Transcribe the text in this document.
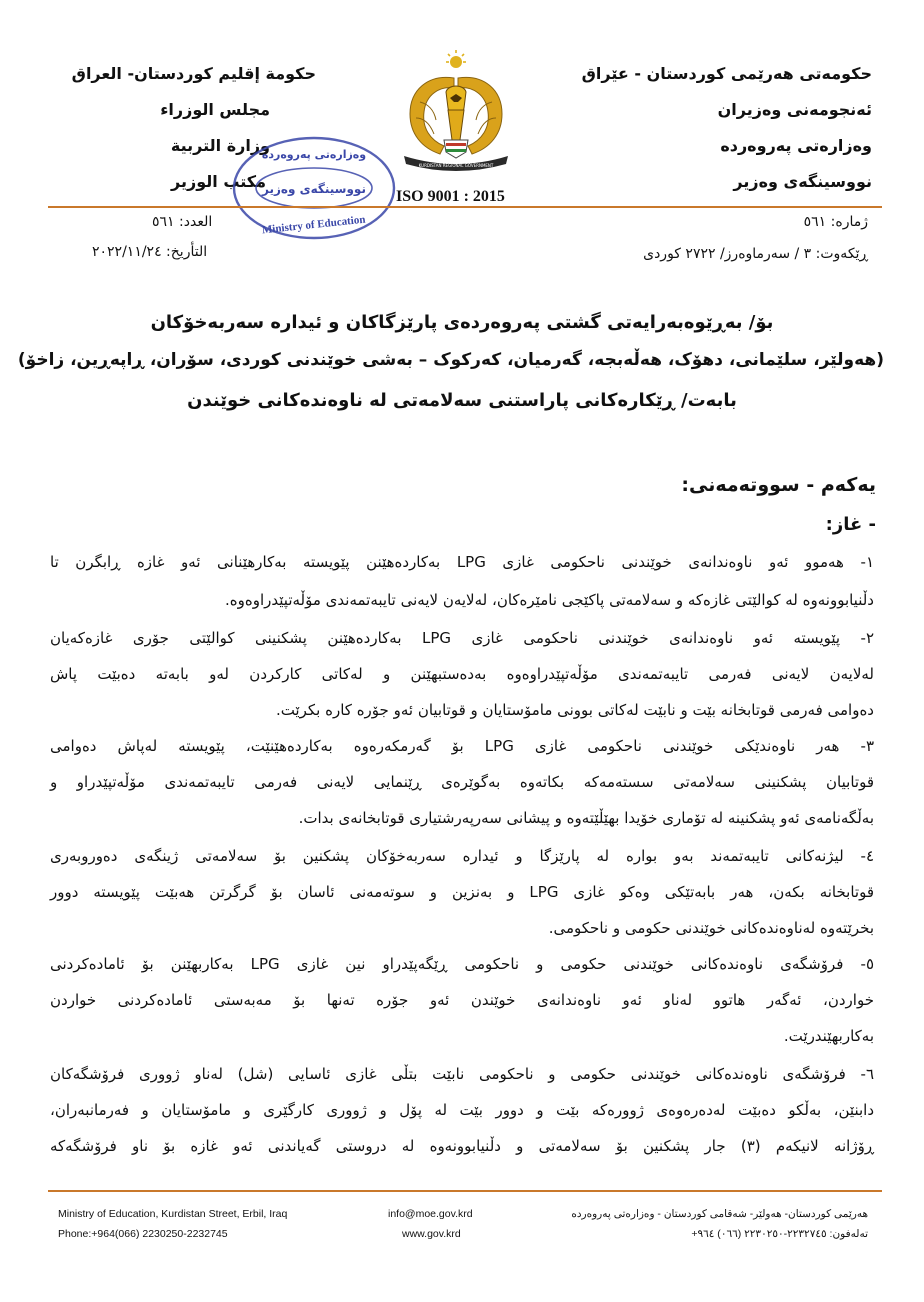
حکومەتی هەرێمی کوردستان - عێراق
ئەنجومەنی وەزیران
وەزارەتی پەروەردە
نووسینگەی وەزیر
حكومة إقليم كوردستان- العراق
مجلس الوزراء
وزارة التربية
مكتب الوزير
KURDISTAN REGIONAL GOVERNMENT
ISO 9001 : 2015
وەزارەتی پەروەردە
نووسینگەی وەزیر
Ministry of Education	ژمارە: ٥٦١
ڕێکەوت: ٣ / سەرماوەرز/ ٢٧٢٢ کوردی
العدد: ٥٦١
التأريخ: ٢٠٢٢/١١/٢٤
بۆ/ بەڕێوەبەرایەتی گشتی پەروەردەی پارێزگاکان و ئیدارە سەربەخۆکان
(هەولێر، سلێمانی، دهۆک، هەڵەبجە، گەرمیان، کەرکوک – بەشی خوێندنی کوردی، سۆران، ڕاپەڕین، زاخۆ)
بابەت/ ڕێکارەکانی پاراستنی سەلامەتی لە ناوەندەکانی خوێندن
یەکەم - سووتەمەنی:
- غاز:
١- هەموو ئەو ناوەندانەی خوێندنی ناحکومی غازی LPG بەکاردەهێنن پێویستە بەکارهێنانی ئەو غازە ڕابگرن تا
دڵنیابوونەوە لە کوالێتی غازەکە و سەلامەتی پاکێجی نامێرەکان، لەلایەن لایەنی تایبەتمەندی مۆڵەتپێدراوەوە.
٢- پێویستە ئەو ناوەندانەی خوێندنی ناحکومی غازی LPG بەکاردەهێنن پشکنینی کوالێتی جۆری غازەکەیان
لەلایەن لایەنی فەرمی تایبەتمەندی مۆڵەتپێدراوەوە بەدەستبهێنن و لەکاتی کارکردن لەو بابەتە دەبێت پاش
دەوامی فەرمی قوتابخانە بێت و نابێت لەکاتی بوونی مامۆستایان و قوتابیان ئەو جۆرە کارە بکرێت.
٣- هەر ناوەندێکی خوێندنی ناحکومی غازی LPG بۆ گەرمکەرەوە بەکاردەهێنێت، پێویستە لەپاش دەوامی
قوتابیان پشکنینی سەلامەتی سستەمەکە بکاتەوە بەگوێرەی ڕێنمایی لایەنی فەرمی تایبەتمەندی مۆڵەتپێدراو و
بەڵگەنامەی ئەو پشکنینە لە تۆماری خۆیدا بهێڵێتەوە و پیشانی سەرپەرشتیاری قوتابخانەی بدات.
٤- لیژنەکانی تایبەتمەند بەو بوارە لە پارێزگا و ئیدارە سەربەخۆکان پشکنین بۆ سەلامەتی ژینگەی دەوروبەری
قوتابخانە بکەن، هەر بابەتێکی وەکو غازی LPG و بەنزین و سوتەمەنی ئاسان بۆ گرگرتن هەبێت پێویستە دوور
بخرێتەوە لەناوەندەکانی خوێندنی حکومی و ناحکومی.
٥- فرۆشگەی ناوەندەکانی خوێندنی حکومی و ناحکومی ڕێگەپێدراو نین غازی LPG بەکاربهێنن بۆ ئامادەکردنی
خواردن، ئەگەر هاتوو لەناو ئەو ناوەندانەی خوێندن ئەو جۆرە تەنها بۆ مەبەستی ئامادەکردنی خواردن
بەکاربهێندرێت.
٦- فرۆشگەی ناوەندەکانی خوێندنی حکومی و ناحکومی نابێت بتڵی غازی ئاسایی (شل) لەناو ژووری فرۆشگەکان
دابنێن، بەڵکو دەبێت لەدەرەوەی ژوورەکە بێت و دوور بێت لە پۆل و ژووری کارگێری و مامۆستایان و فەرمانبەران،
ڕۆژانە لانیکەم (٣) جار پشکنین بۆ سەلامەتی و دڵنیابوونەوە لە دروستی گەیاندنی ئەو غازە بۆ ناو فرۆشگەکە
Ministry of Education, Kurdistan Street, Erbil, Iraq
Phone:+964(066) 2230250-2232745
info@moe.gov.krd
www.gov.krd
هەرێمی کوردستان- هەولێر- شەقامی کوردستان - وەزارەتی پەروەردە
تەلەفون: ٢٢٣٢٧٤٥-٢٢٣٠٢٥٠ (٠٦٦) ٩٦٤+
